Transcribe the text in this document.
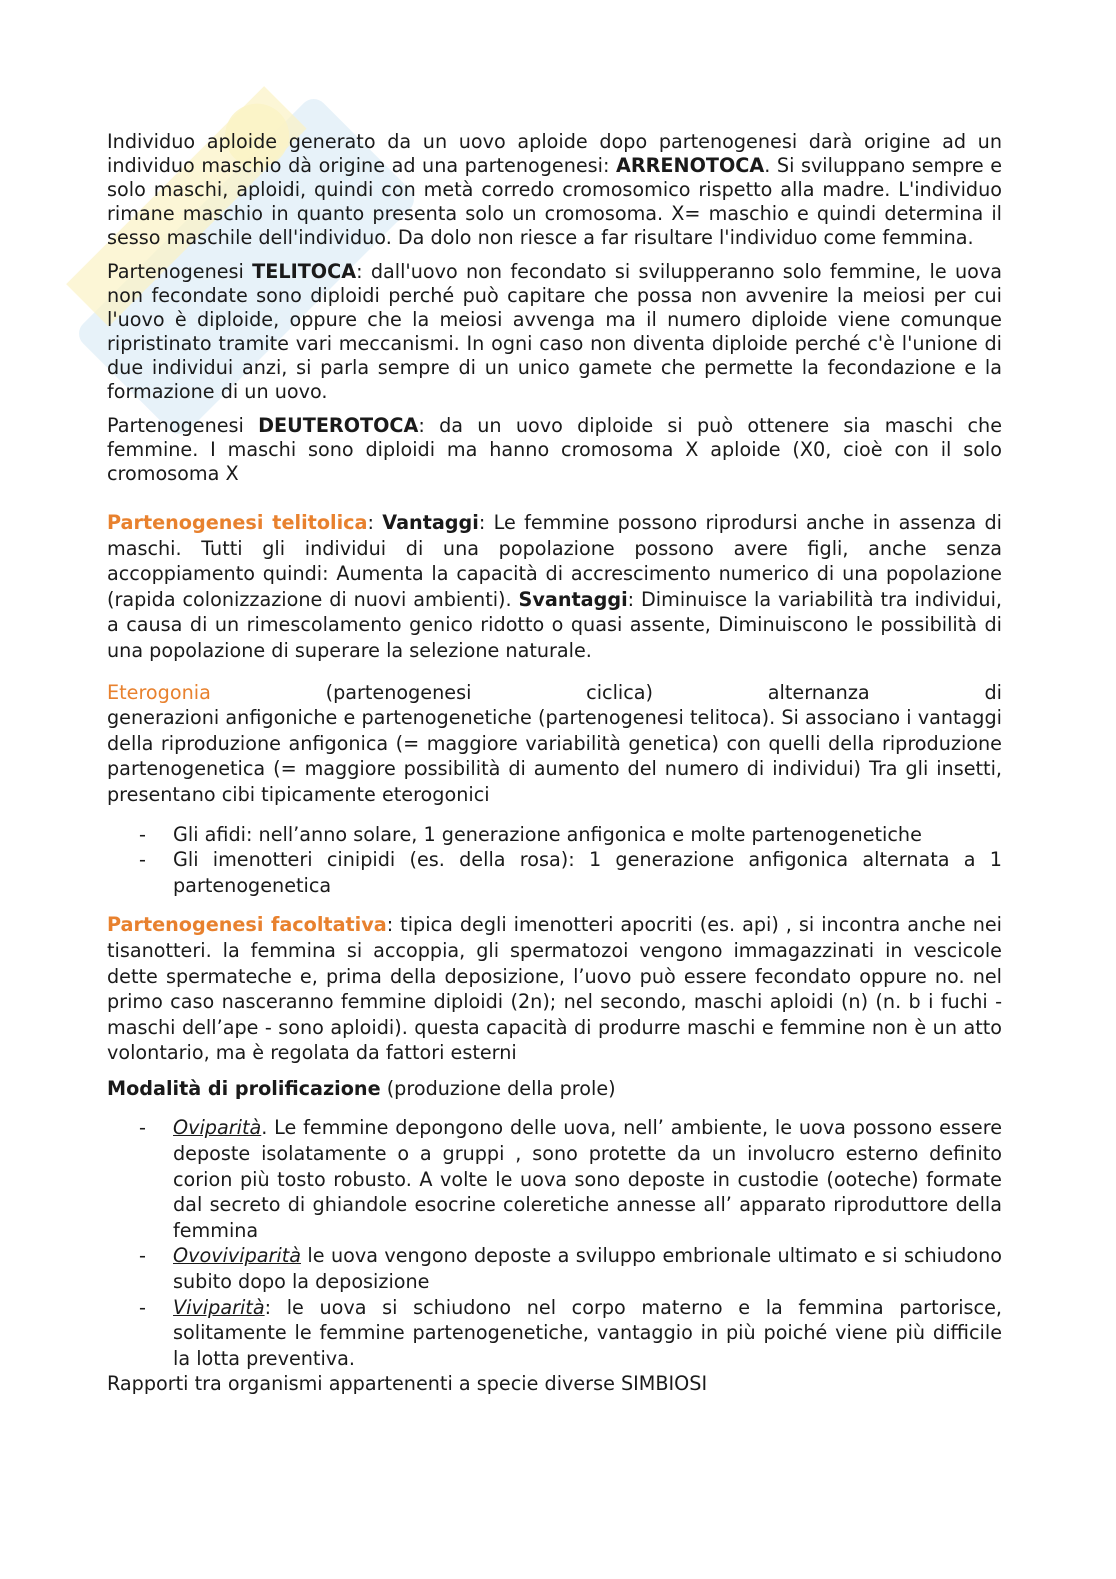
Individuo aploide generato da un uovo aploide dopo partenogenesi darà origine ad un individuo maschio dà origine ad una partenogenesi: ARRENOTOCA. Si sviluppano sempre e solo maschi, aploidi, quindi con metà corredo cromosomico rispetto alla madre. L'individuo rimane maschio in quanto presenta solo un cromosoma. X= maschio e quindi determina il sesso maschile dell'individuo. Da dolo non riesce a far risultare l'individuo come femmina.

Partenogenesi TELITOCA: dall'uovo non fecondato si svilupperanno solo femmine, le uova non fecondate sono diploidi perché può capitare che possa non avvenire la meiosi per cui l'uovo è diploide, oppure che la meiosi avvenga ma il numero diploide viene comunque ripristinato tramite vari meccanismi. In ogni caso non diventa diploide perché c'è l'unione di due individui anzi, si parla sempre di un unico gamete che permette la fecondazione e la formazione di un uovo.

Partenogenesi DEUTEROTOCA: da un uovo diploide si può ottenere sia maschi che femmine. I maschi sono diploidi ma hanno cromosoma X aploide (X0, cioè con il solo cromosoma X

Partenogenesi telitolica: Vantaggi: Le femmine possono riprodursi anche in assenza di maschi. Tutti gli individui di una popolazione possono avere figli, anche senza accoppiamento quindi: Aumenta la capacità di accrescimento numerico di una popolazione (rapida colonizzazione di nuovi ambienti). Svantaggi: Diminuisce la variabilità tra individui, a causa di un rimescolamento genico ridotto o quasi assente, Diminuiscono le possibilità di una popolazione di superare la selezione naturale.

Eterogonia	(partenogenesi	ciclica)	alternanza	di

generazioni anfigoniche e partenogenetiche (partenogenesi telitoca). Si associano i vantaggi della riproduzione anfigonica (= maggiore variabilità genetica) con quelli della riproduzione partenogenetica (= maggiore possibilità di aumento del numero di individui) Tra gli insetti, presentano cibi tipicamente eterogonici

- Gli afidi: nell’anno solare, 1 generazione anfigonica e molte partenogenetiche
- Gli imenotteri cinipidi (es. della rosa): 1 generazione anfigonica alternata a 1 partenogenetica

Partenogenesi facoltativa: tipica degli imenotteri apocriti (es. api) , si incontra anche nei tisanotteri. la femmina si accoppia, gli spermatozoi vengono immagazzinati in vescicole dette spermateche e, prima della deposizione, l’uovo può essere fecondato oppure no. nel primo caso nasceranno femmine diploidi (2n); nel secondo, maschi aploidi (n) (n. b i fuchi - maschi dell’ape - sono aploidi). questa capacità di produrre maschi e femmine non è un atto volontario, ma è regolata da fattori esterni

Modalità di prolificazione (produzione della prole)

- Oviparità. Le femmine depongono delle uova, nell’ ambiente, le uova possono essere deposte isolatamente o a gruppi , sono protette da un involucro esterno definito corion più tosto robusto. A volte le uova sono deposte in custodie (ooteche) formate dal secreto di ghiandole esocrine coleretiche annesse all’ apparato riproduttore della femmina
- Ovoviviparità le uova vengono deposte a sviluppo embrionale ultimato e si schiudono subito dopo la deposizione
- Viviparità: le uova si schiudono nel corpo materno e la femmina partorisce, solitamente le femmine partenogenetiche, vantaggio in più poiché viene più difficile la lotta preventiva.

Rapporti tra organismi appartenenti a specie diverse SIMBIOSI
